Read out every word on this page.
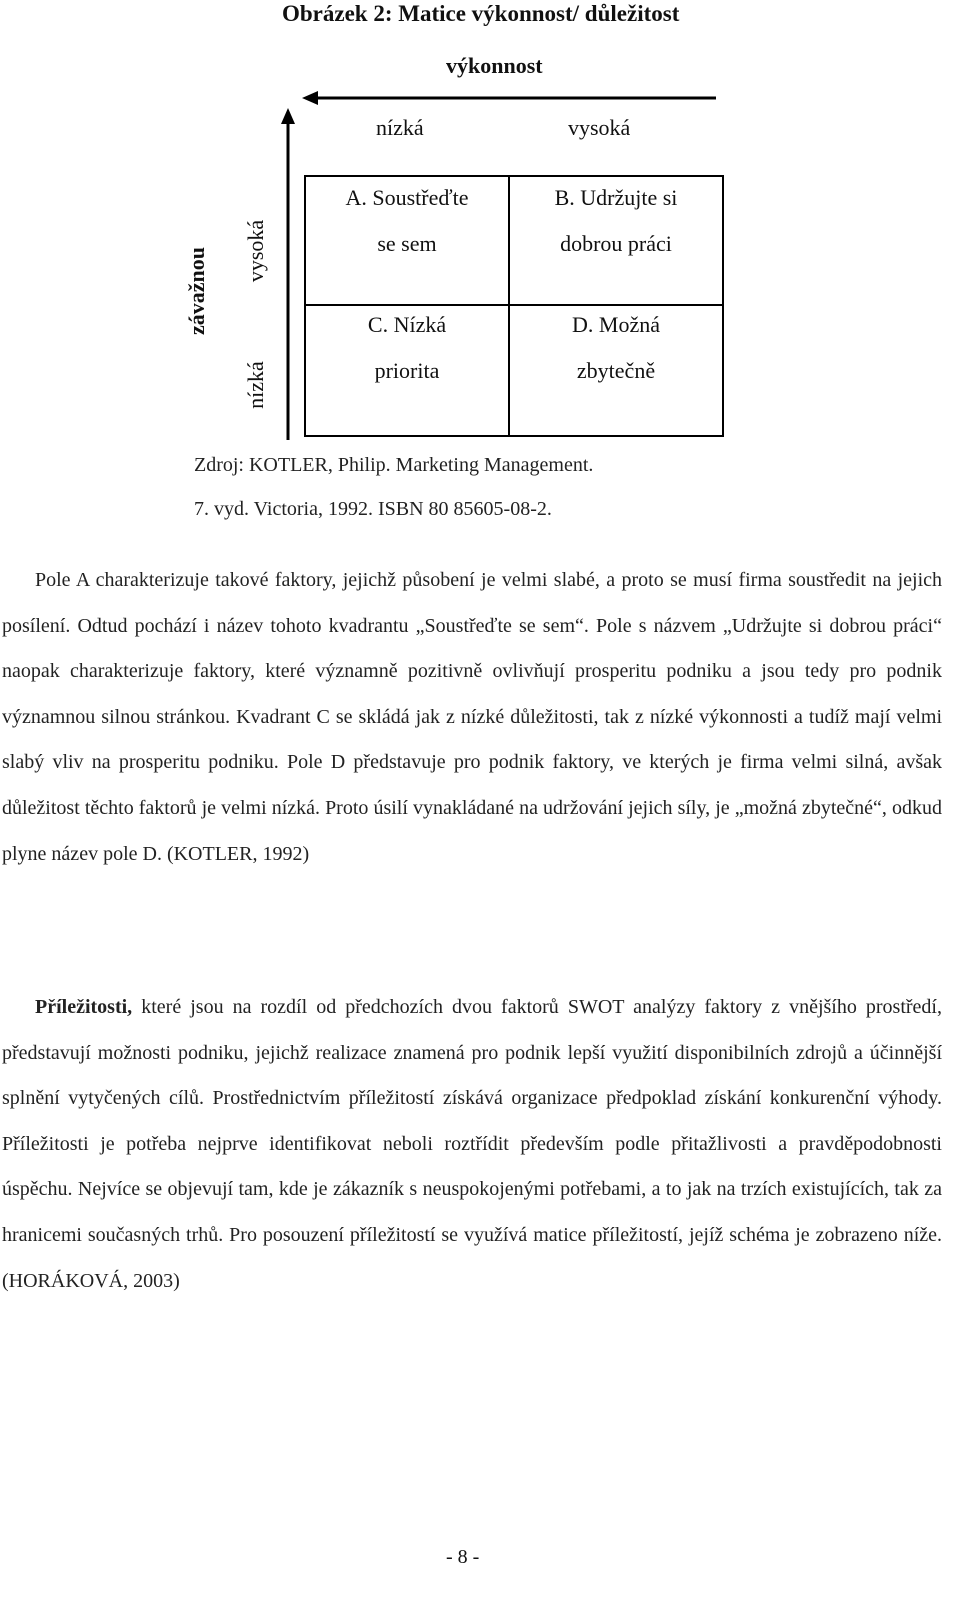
Obrázek 2: Matice výkonnost/ důležitost
výkonnost
nízká	vysoká
závažnou vysoká
nízká
A. Soustřeďte
se sem
B. Udržujte si
dobrou práci
C. Nízká
priorita
D. Možná
zbytečně
Zdroj: KOTLER, Philip. Marketing Management.
7. vyd. Victoria, 1992. ISBN 80 85605-08-2.
Pole A charakterizuje takové faktory, jejichž působení je velmi slabé, a proto se musí firma soustředit na jejich posílení. Odtud pochází i název tohoto kvadrantu „Soustřeďte se sem“. Pole s názvem „Udržujte si dobrou práci“ naopak charakterizuje faktory, které významně pozitivně ovlivňují prosperitu podniku a jsou tedy pro podnik významnou silnou stránkou. Kvadrant C se skládá jak z nízké důležitosti, tak z nízké výkonnosti a tudíž mají velmi slabý vliv na prosperitu podniku. Pole D představuje pro podnik faktory, ve kterých je firma velmi silná, avšak důležitost těchto faktorů je velmi nízká. Proto úsilí vynakládané na udržování jejich síly, je „možná zbytečné“, odkud plyne název pole D. (KOTLER, 1992)
Příležitosti, které jsou na rozdíl od předchozích dvou faktorů SWOT analýzy faktory z vnějšího prostředí, představují možnosti podniku, jejichž realizace znamená pro podnik lepší využití disponibilních zdrojů a účinnější splnění vytyčených cílů. Prostřednictvím příležitostí získává organizace předpoklad získání konkurenční výhody. Příležitosti je potřeba nejprve identifikovat neboli roztřídit především podle přitažlivosti a pravděpodobnosti úspěchu. Nejvíce se objevují tam, kde je zákazník s neuspokojenými potřebami, a to jak na trzích existujících, tak za hranicemi současných trhů. Pro posouzení příležitostí se využívá matice příležitostí, jejíž schéma je zobrazeno níže. (HORÁKOVÁ, 2003)
- 8 -
